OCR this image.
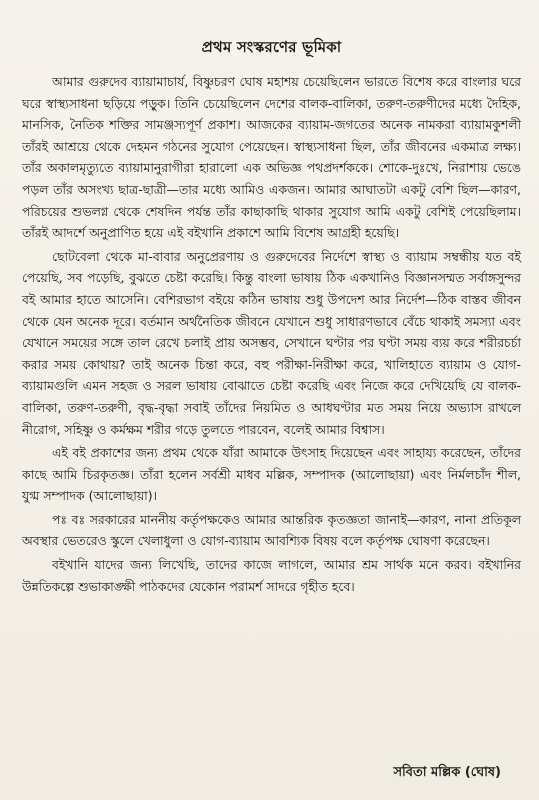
প্রথম সংস্করণের ভূমিকা

আমার গুরুদেব ব্যায়ামাচার্য, বিষ্ণুচরণ ঘোষ মহাশয় চেয়েছিলেন ভারতে বিশেষ করে বাংলার ঘরে ঘরে স্বাস্থ্যসাধনা ছড়িয়ে পড়ুক। তিনি চেয়েছিলেন দেশের বালক-বালিকা, তরুণ-তরুণীদের মধ্যে দৈহিক, মানসিক, নৈতিক শক্তির সামঞ্জস্যপূর্ণ প্রকাশ। আজকের ব্যায়াম-জগতের অনেক নামকরা ব্যায়ামকুশলী তাঁরই আশ্রয়ে থেকে দেহমন গঠনের সুযোগ পেয়েছেন। স্বাস্থ্যসাধনা ছিল, তাঁর জীবনের একমাত্র লক্ষ্য। তাঁর অকালমৃত্যুতে ব্যায়ামানুরাগীরা হারালো এক অভিজ্ঞ পথপ্রদর্শককে। শোকে-দুঃখে, নিরাশায় ভেঙে পড়ল তাঁর অসংখ্য ছাত্র-ছাত্রী—তার মধ্যে আমিও একজন। আমার আঘাতটা একটু বেশি ছিল—কারণ, পরিচয়ের শুভলগ্ন থেকে শেষদিন পর্যন্ত তাঁর কাছাকাছি থাকার সুযোগ আমি একটু বেশিই পেয়েছিলাম। তাঁরই আদর্শে অনুপ্রাণিত হয়ে এই বইখানি প্রকাশে আমি বিশেষ আগ্রহী হয়েছি।

ছোটবেলা থেকে মা-বাবার অনুপ্রেরণায় ও গুরুদেবের নির্দেশে স্বাস্থ্য ও ব্যায়াম সম্বন্ধীয় যত বই পেয়েছি, সব পড়েছি, বুঝতে চেষ্টা করেছি। কিন্তু বাংলা ভাষায় ঠিক একখানিও বিজ্ঞানসম্মত সর্বাঙ্গসুন্দর বই আমার হাতে আসেনি। বেশিরভাগ বইয়ে কঠিন ভাষায় শুধু উপদেশ আর নির্দেশ—ঠিক বাস্তব জীবন থেকে যেন অনেক দূরে। বর্তমান অর্থনৈতিক জীবনে যেখানে শুধু সাধারণভাবে বেঁচে থাকাই সমস্যা এবং যেখানে সময়ের সঙ্গে তাল রেখে চলাই প্রায় অসম্ভব, সেখানে ঘণ্টার পর ঘণ্টা সময় ব্যয় করে শরীরচর্চা করার সময় কোথায়? তাই অনেক চিন্তা করে, বহু পরীক্ষা-নিরীক্ষা করে, খালিহাতে ব্যায়াম ও যোগ-ব্যায়ামগুলি এমন সহজ ও সরল ভাষায় বোঝাতে চেষ্টা করেছি এবং নিজে করে দেখিয়েছি যে বালক-বালিকা, তরুণ-তরুণী, বৃদ্ধ-বৃদ্ধা সবাই তাঁদের নিয়মিত ও আধঘণ্টার মত সময় নিয়ে অভ্যাস রাখলে নীরোগ, সহিষ্ণু ও কর্মক্ষম শরীর গড়ে তুলতে পারবেন, বলেই আমার বিশ্বাস।

এই বই প্রকাশের জন্য প্রথম থেকে যাঁরা আমাকে উৎসাহ দিয়েছেন এবং সাহায্য করেছেন, তাঁদের কাছে আমি চিরকৃতজ্ঞ। তাঁরা হলেন সর্বশ্রী মাধব মল্লিক, সম্পাদক (আলোছায়া) এবং নির্মলচাঁদ শীল, যুগ্ম সম্পাদক (আলোছায়া)।

পঃ বঃ সরকারের মাননীয় কর্তৃপক্ষকেও আমার আন্তরিক কৃতজ্ঞতা জানাই—কারণ, নানা প্রতিকূল অবস্থার ভেতরেও স্কুলে খেলাধুলা ও যোগ-ব্যায়াম আবশ্যিক বিষয় বলে কর্তৃপক্ষ ঘোষণা করেছেন।

বইখানি যাদের জন্য লিখেছি, তাদের কাজে লাগলে, আমার শ্রম সার্থক মনে করব। বইখানির উন্নতিকল্পে শুভাকাঙ্ক্ষী পাঠকদের যেকোন পরামর্শ সাদরে গৃহীত হবে।

সবিতা মল্লিক (ঘোষ)
